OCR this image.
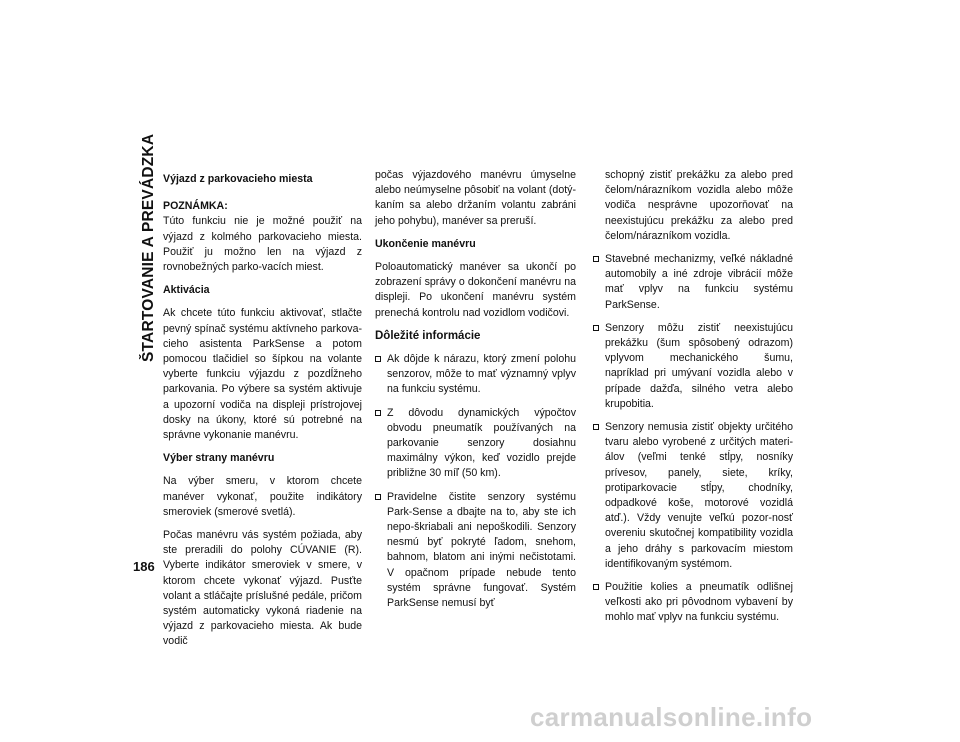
ŠTARTOVANIE A PREVÁDZKA
186
Výjazd z parkovacieho miesta

POZNÁMKA:

Túto funkciu nie je možné použiť na výjazd z kolmého parkovacieho miesta. Použiť ju možno len na výjazd z rovnobežných parko-vacích miest.

Aktivácia

Ak chcete túto funkciu aktivovať, stlačte pevný spínač systému aktívneho parkova-cieho asistenta ParkSense a potom pomocou tlačidiel so šípkou na volante vyberte funkciu výjazdu z pozdĺžneho parkovania. Po výbere sa systém aktivuje a upozorní vodiča na displeji prístrojovej dosky na úkony, ktoré sú potrebné na správne vykonanie manévru.

Výber strany manévru

Na výber smeru, v ktorom chcete manéver vykonať, použite indikátory smeroviek (smerové svetlá).

Počas manévru vás systém požiada, aby ste preradili do polohy CÚVANIE (R). Vyberte indikátor smeroviek v smere, v ktorom chcete vykonať výjazd. Pusťte volant a stláčajte príslušné pedále, pričom systém automaticky vykoná riadenie na výjazd z parkovacieho miesta. Ak bude vodič

počas výjazdového manévru úmyselne alebo neúmyselne pôsobiť na volant (dotý-kaním sa alebo držaním volantu zabráni jeho pohybu), manéver sa preruší.

Ukončenie manévru

Poloautomatický manéver sa ukončí po zobrazení správy o dokončení manévru na displeji. Po ukončení manévru systém prenechá kontrolu nad vozidlom vodičovi.

Dôležité informácie

Ak dôjde k nárazu, ktorý zmení polohu senzorov, môže to mať významný vplyv na funkciu systému.
Z dôvodu dynamických výpočtov obvodu pneumatík používaných na parkovanie senzory dosiahnu maximálny výkon, keď vozidlo prejde približne 30 míľ (50 km).
Pravidelne čistite senzory systému Park-Sense a dbajte na to, aby ste ich nepo-škriabali ani nepoškodili. Senzory nesmú byť pokryté ľadom, snehom, bahnom, blatom ani inými nečistotami. V opačnom prípade nebude tento systém správne fungovať. Systém ParkSense nemusí byť

schopný zistiť prekážku za alebo pred čelom/nárazníkom vozidla alebo môže vodiča nesprávne upozorňovať na neexistujúcu prekážku za alebo pred čelom/nárazníkom vozidla.

Stavebné mechanizmy, veľké nákladné automobily a iné zdroje vibrácií môže mať vplyv na funkciu systému ParkSense.
Senzory môžu zistiť neexistujúcu prekážku (šum spôsobený odrazom) vplyvom mechanického šumu, napríklad pri umývaní vozidla alebo v prípade dažďa, silného vetra alebo krupobitia.
Senzory nemusia zistiť objekty určitého tvaru alebo vyrobené z určitých materi-álov (veľmi tenké stĺpy, nosníky prívesov, panely, siete, kríky, protiparkovacie stĺpy, chodníky, odpadkové koše, motorové vozidlá atď.). Vždy venujte veľkú pozor-nosť overeniu skutočnej kompatibility vozidla a jeho dráhy s parkovacím miestom identifikovaným systémom.
Použitie kolies a pneumatík odlišnej veľkosti ako pri pôvodnom vybavení by mohlo mať vplyv na funkciu systému.
carmanualsonline.info
